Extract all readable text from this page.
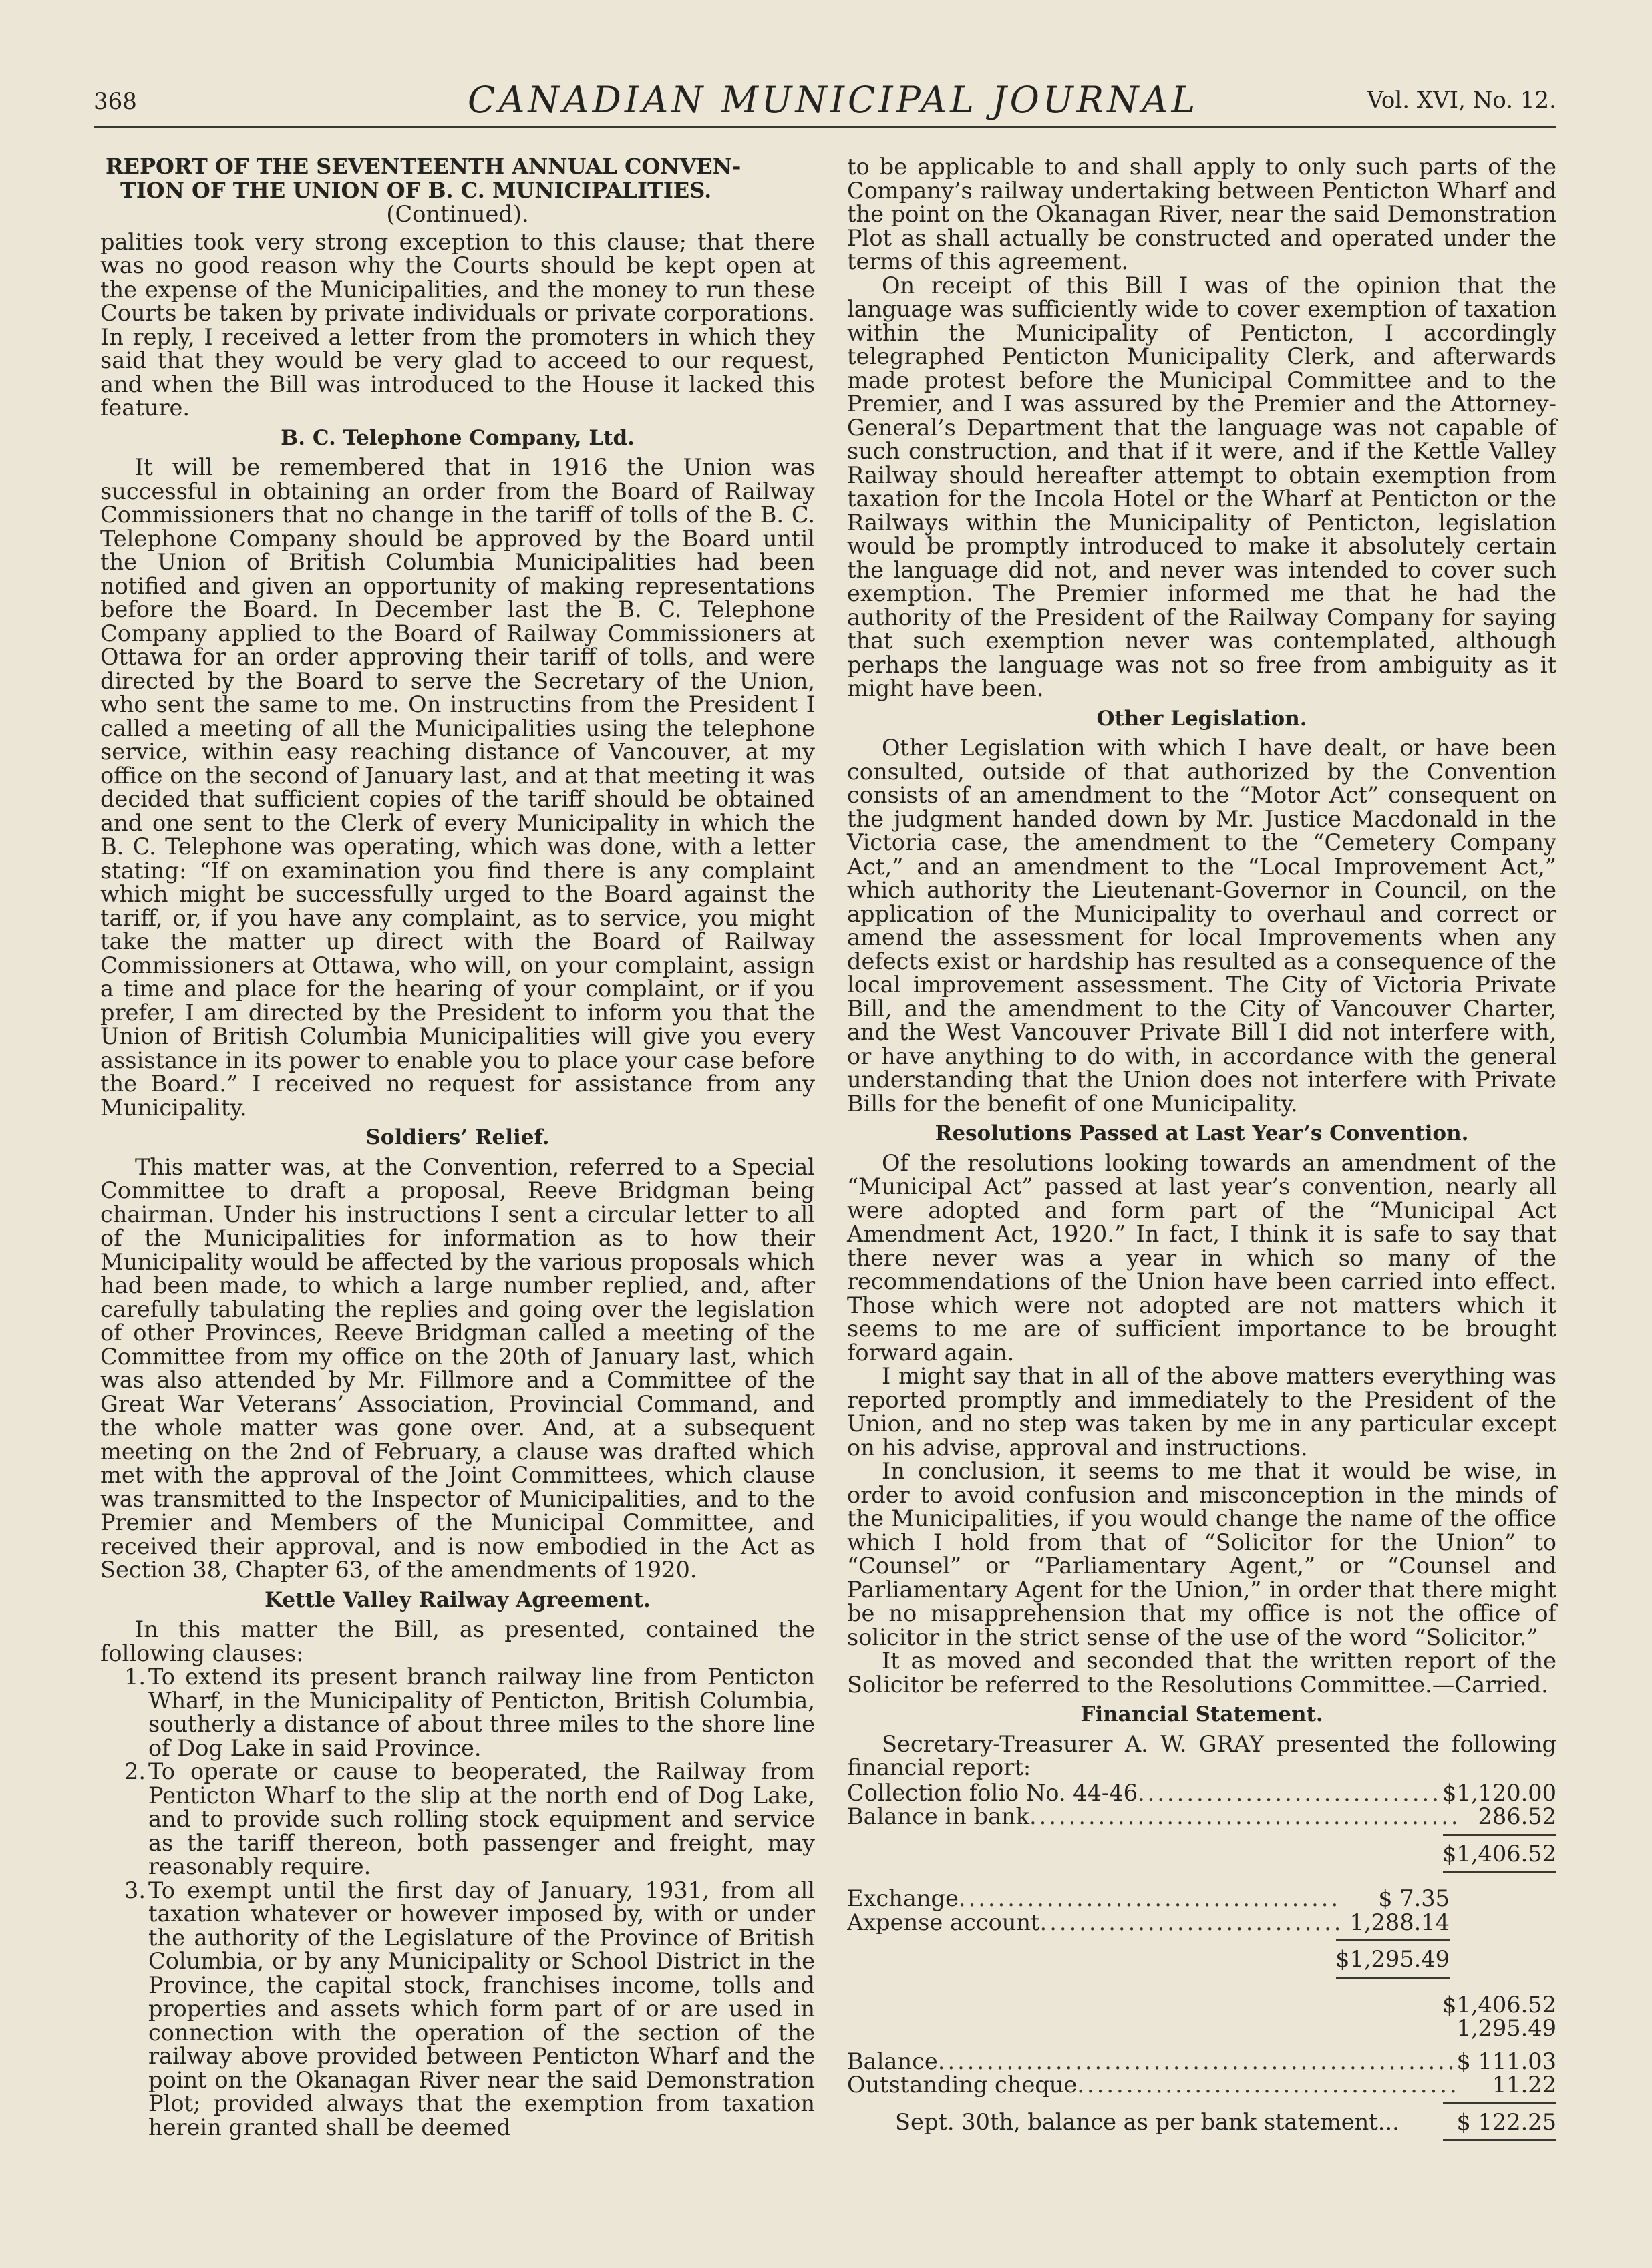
368	CANADIAN MUNICIPAL JOURNAL	Vol. XVI, No. 12.

REPORT OF THE SEVENTEENTH ANNUAL CONVEN-

TION OF THE UNION OF B. C. MUNICIPALITIES.

(Continued).

palities took very strong exception to this clause; that there was no good reason why the Courts should be kept open at the expense of the Municipalities, and the money to run these Courts be taken by private individuals or private corporations. In reply, I received a letter from the promoters in which they said that they would be very glad to acceed to our request, and when the Bill was introduced to the House it lacked this feature.

B. C. Telephone Company, Ltd.

It will be remembered that in 1916 the Union was successful in obtaining an order from the Board of Railway Commissioners that no change in the tariff of tolls of the B. C. Telephone Company should be approved by the Board until the Union of British Columbia Municipalities had been notified and given an opportunity of making representations before the Board. In December last the B. C. Telephone Company applied to the Board of Railway Commissioners at Ottawa for an order approving their tariff of tolls, and were directed by the Board to serve the Secretary of the Union, who sent the same to me. On instructins from the President I called a meeting of all the Municipalities using the telephone service, within easy reaching distance of Vancouver, at my office on the second of January last, and at that meeting it was decided that sufficient copies of the tariff should be obtained and one sent to the Clerk of every Municipality in which the B. C. Telephone was operating, which was done, with a letter stating: “If on examination you find there is any complaint which might be successfully urged to the Board against the tariff, or, if you have any complaint, as to service, you might take the matter up direct with the Board of Railway Commissioners at Ottawa, who will, on your complaint, assign a time and place for the hearing of your complaint, or if you prefer, I am directed by the President to inform you that the Union of British Columbia Municipalities will give you every assistance in its power to enable you to place your case before the Board.” I received no request for assistance from any Municipality.

Soldiers’ Relief.

This matter was, at the Convention, referred to a Special Committee to draft a proposal, Reeve Bridgman being chairman. Under his instructions I sent a circular letter to all of the Municipalities for information as to how their Municipality would be affected by the various proposals which had been made, to which a large number replied, and, after carefully tabulating the replies and going over the legislation of other Provinces, Reeve Bridgman called a meeting of the Committee from my office on the 20th of January last, which was also attended by Mr. Fillmore and a Committee of the Great War Veterans’ Association, Provincial Command, and the whole matter was gone over. And, at a subsequent meeting on the 2nd of February, a clause was drafted which met with the approval of the Joint Committees, which clause was transmitted to the Inspector of Municipalities, and to the Premier and Members of the Municipal Committee, and received their approval, and is now embodied in the Act as Section 38, Chapter 63, of the amendments of 1920.

Kettle Valley Railway Agreement.

In this matter the Bill, as presented, contained the following clauses:

1. To extend its present branch railway line from Penticton Wharf, in the Municipality of Penticton, British Columbia, southerly a distance of about three miles to the shore line of Dog Lake in said Province.
2. To operate or cause to beoperated, the Railway from Penticton Wharf to the slip at the north end of Dog Lake, and to provide such rolling stock equipment and service as the tariff thereon, both passenger and freight, may reasonably require.
3. To exempt until the first day of January, 1931, from all taxation whatever or however imposed by, with or under the authority of the Legislature of the Province of British Columbia, or by any Municipality or School District in the Province, the capital stock, franchises income, tolls and properties and assets which form part of or are used in connection with the operation of the section of the railway above provided between Penticton Wharf and the point on the Okanagan River near the said Demonstration Plot; provided always that the exemption from taxation herein granted shall be deemed

to be applicable to and shall apply to only such parts of the Company’s railway undertaking between Penticton Wharf and the point on the Okanagan River, near the said Demonstration Plot as shall actually be constructed and operated under the terms of this agreement.

On receipt of this Bill I was of the opinion that the language was sufficiently wide to cover exemption of taxation within the Municipality of Penticton, I accordingly telegraphed Penticton Municipality Clerk, and afterwards made protest before the Municipal Committee and to the Premier, and I was assured by the Premier and the Attorney-General’s Department that the language was not capable of such construction, and that if it were, and if the Kettle Valley Railway should hereafter attempt to obtain exemption from taxation for the Incola Hotel or the Wharf at Penticton or the Railways within the Municipality of Penticton, legislation would be promptly introduced to make it absolutely certain the language did not, and never was intended to cover such exemption. The Premier informed me that he had the authority of the President of the Railway Company for saying that such exemption never was contemplated, although perhaps the language was not so free from ambiguity as it might have been.

Other Legislation.

Other Legislation with which I have dealt, or have been consulted, outside of that authorized by the Convention consists of an amendment to the “Motor Act” consequent on the judgment handed down by Mr. Justice Macdonald in the Victoria case, the amendment to the “Cemetery Company Act,” and an amendment to the “Local Improvement Act,” which authority the Lieutenant-Governor in Council, on the application of the Municipality to overhaul and correct or amend the assessment for local Improvements when any defects exist or hardship has resulted as a consequence of the local improvement assessment. The City of Victoria Private Bill, and the amendment to the City of Vancouver Charter, and the West Vancouver Private Bill I did not interfere with, or have anything to do with, in accordance with the general understanding that the Union does not interfere with Private Bills for the benefit of one Municipality.

Resolutions Passed at Last Year’s Convention.

Of the resolutions looking towards an amendment of the “Municipal Act” passed at last year’s convention, nearly all were adopted and form part of the “Municipal Act Amendment Act, 1920.” In fact, I think it is safe to say that there never was a year in which so many of the recommendations of the Union have been carried into effect. Those which were not adopted are not matters which it seems to me are of sufficient importance to be brought forward again.

I might say that in all of the above matters everything was reported promptly and immediately to the President of the Union, and no step was taken by me in any particular except on his advise, approval and instructions.

In conclusion, it seems to me that it would be wise, in order to avoid confusion and misconception in the minds of the Municipalities, if you would change the name of the office which I hold from that of “Solicitor for the Union” to “Counsel” or “Parliamentary Agent,” or “Counsel and Parliamentary Agent for the Union,” in order that there might be no misapprehension that my office is not the office of solicitor in the strict sense of the use of the word “Solicitor.”

It as moved and seconded that the written report of the Solicitor be referred to the Resolutions Committee.—Carried.

Financial Statement.

Secretary-Treasurer A. W. GRAY presented the following financial report:

Collection folio No. 44-46 .....	$1,120.00
Balance in bank .....	286.52
$1,406.52
Exchange .....	$ 7.35
Axpense account .....	1,288.14
$1,295.49
$1,406.52
1,295.49
Balance .....	$ 111.03
Outstanding cheque .....	11.22
Sept. 30th, balance as per bank statement...	$ 122.25
